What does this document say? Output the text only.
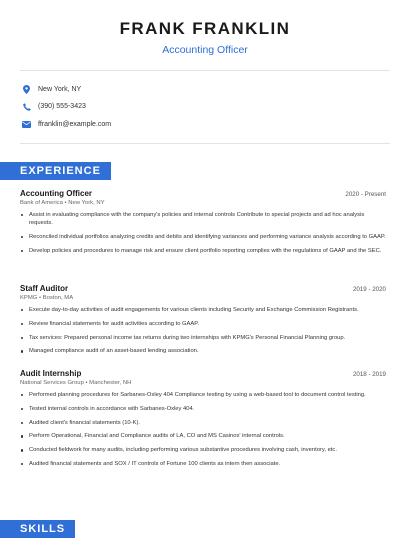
FRANK FRANKLIN
Accounting Officer
New York, NY
(390) 555-3423
ffranklin@example.com
EXPERIENCE
Accounting Officer	2020 - Present
Bank of America • New York, NY
Assist in evaluating compliance with the company's policies and internal controls Contribute to special projects and ad hoc analysis requests.
Reconciled individual portfolios analyzing credits and debits and identifying variances and performing variance analysis according to GAAP.
Develop policies and procedures to manage risk and ensure client portfolio reporting complies with the regulations of GAAP and the SEC.
Staff Auditor	2019 - 2020
KPMG • Boston, MA
Execute day-to-day activities of audit engagements for various clients including Security and Exchange Commission Registrants.
Review financial statements for audit activities according to GAAP.
Tax services: Prepared personal income tax returns during two internships with KPMG's Personal Financial Planning group.
Managed compliance audit of an asset-based lending association.
Audit Internship	2018 - 2019
National Services Group • Manchester, NH
Performed planning procedures for Sarbanes-Oxley 404 Compliance testing by using a web-based tool to document control testing.
Tested internal controls in accordance with Sarbanes-Oxley 404.
Audited client's financial statements (10-K).
Perform Operational, Financial and Compliance audits of LA, CO and MS Casinos' internal controls.
Conducted fieldwork for many audits, including performing various substantive procedures involving cash, inventory, etc.
Audited financial statements and SOX / IT controls of Fortune 100 clients as intern then associate.
SKILLS
